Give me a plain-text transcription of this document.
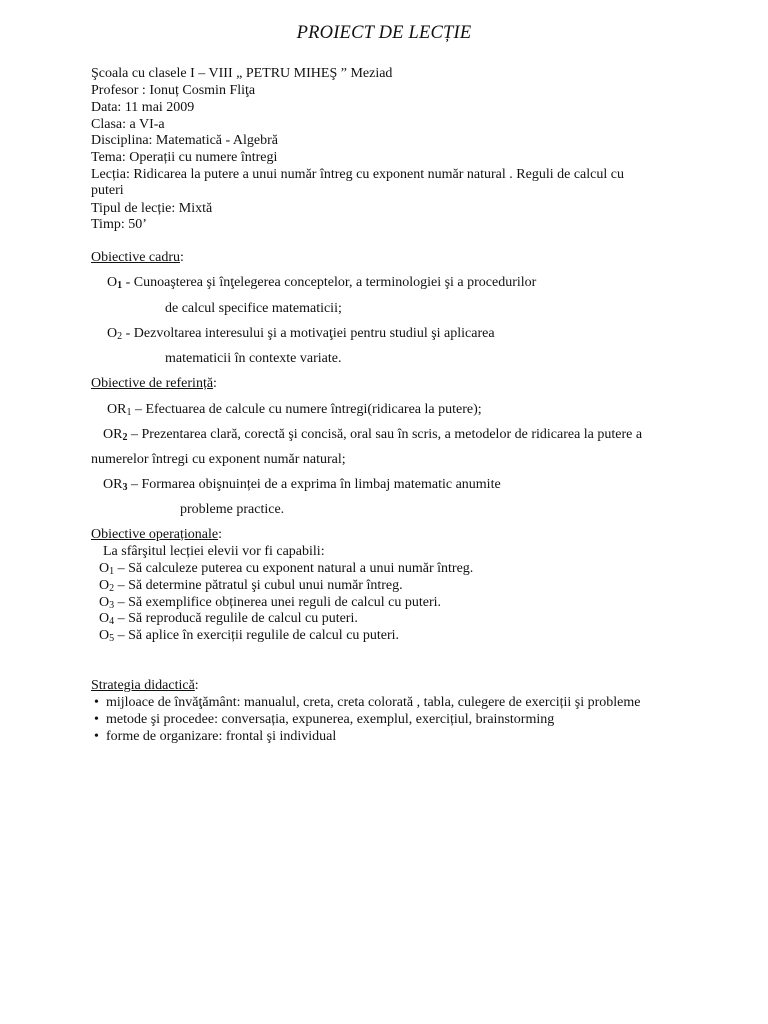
PROIECT DE LECȚIE
Şcoala cu clasele I – VIII „ PETRU MIHEŞ ” Meziad
Profesor : Ionuț Cosmin Fliţa
Data: 11 mai 2009
Clasa: a VI-a
Disciplina: Matematică - Algebră
Tema: Operații cu numere întregi
Lecția: Ridicarea la putere a unui număr întreg cu exponent număr natural . Reguli de calcul cu
puteri
Tipul de lecție: Mixtă
Timp: 50’
Obiective cadru:
$O_1$ - Cunoaşterea şi înţelegerea conceptelor, a terminologiei şi a procedurilor
de calcul specifice matematicii;
$O_2$ - Dezvoltarea interesului şi a motivaţiei pentru studiul şi aplicarea
matematicii în contexte variate.
Obiective de referință:
$OR_1$ – Efectuarea de calcule cu numere întregi(ridicarea la putere);
$OR_2$ – Prezentarea clară, corectă şi concisă, oral sau în scris, a metodelor de ridicarea la putere a
numerelor întregi cu exponent număr natural;
$OR_3$ – Formarea obişnuinței de a exprima în limbaj matematic anumite
probleme practice.
Obiective operaționale:
La sfârşitul lecției elevii vor fi capabili:
$O_1$ – Să calculeze puterea cu exponent natural a unui număr întreg.
$O_2$ – Să determine pătratul şi cubul unui număr întreg.
$O_3$ – Să exemplifice obținerea unei reguli de calcul cu puteri.
$O_4$ – Să reproducă regulile de calcul cu puteri.
$O_5$ – Să aplice în exerciții regulile de calcul cu puteri.
Strategia didactică:
• mijloace de învăţământ: manualul, creta, creta colorată , tabla, culegere de exerciții şi probleme
• metode şi procedee: conversația, expunerea, exemplul, exercițiul, brainstorming
• forme de organizare: frontal şi individual
